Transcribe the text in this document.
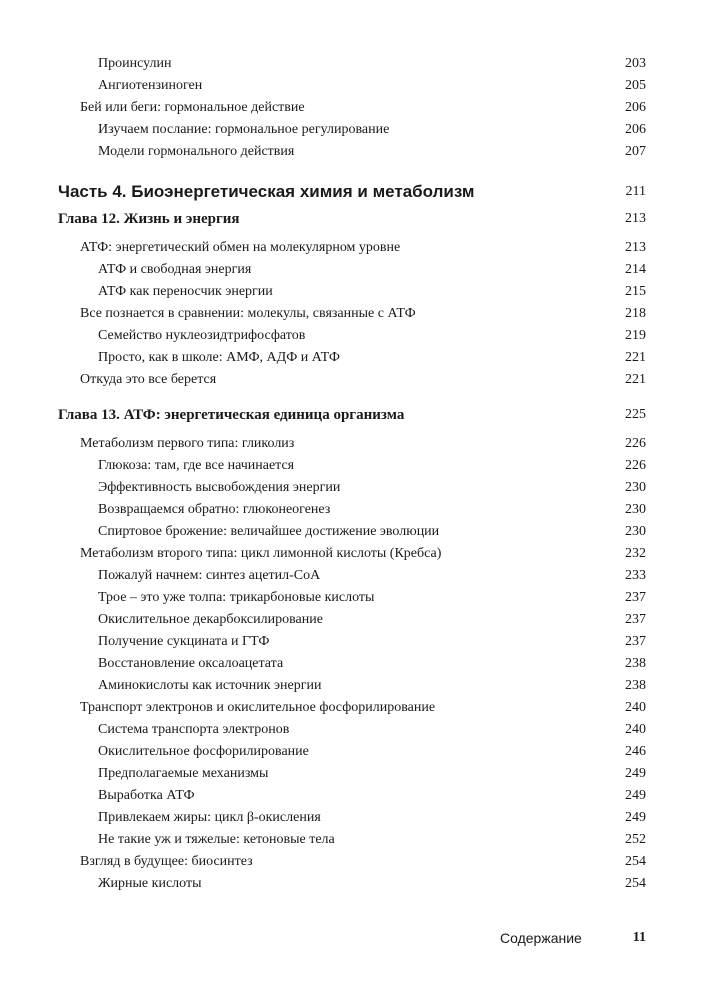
Проинсулин	203
Ангиотензиноген	205
Бей или беги: гормональное действие	206
Изучаем послание: гормональное регулирование	206
Модели гормонального действия	207
Часть 4. Биоэнергетическая химия и метаболизм	211
Глава 12. Жизнь и энергия	213
АТФ: энергетический обмен на молекулярном уровне	213
АТФ и свободная энергия	214
АТФ как переносчик энергии	215
Все познается в сравнении: молекулы, связанные с АТФ	218
Семейство нуклеозидтрифосфатов	219
Просто, как в школе: АМФ, АДФ и АТФ	221
Откуда это все берется	221
Глава 13. АТФ: энергетическая единица организма	225
Метаболизм первого типа: гликолиз	226
Глюкоза: там, где все начинается	226
Эффективность высвобождения энергии	230
Возвращаемся обратно: глюконеогенез	230
Спиртовое брожение: величайшее достижение эволюции	230
Метаболизм второго типа: цикл лимонной кислоты (Кребса)	232
Пожалуй начнем: синтез ацетил-СоА	233
Трое – это уже толпа: трикарбоновые кислоты	237
Окислительное декарбоксилирование	237
Получение сукцината и ГТФ	237
Восстановление оксалоацетата	238
Аминокислоты как источник энергии	238
Транспорт электронов и окислительное фосфорилирование	240
Система транспорта электронов	240
Окислительное фосфорилирование	246
Предполагаемые механизмы	249
Выработка АТФ	249
Привлекаем жиры: цикл β-окисления	249
Не такие уж и тяжелые: кетоновые тела	252
Взгляд в будущее: биосинтез	254
Жирные кислоты	254
Содержание	11
